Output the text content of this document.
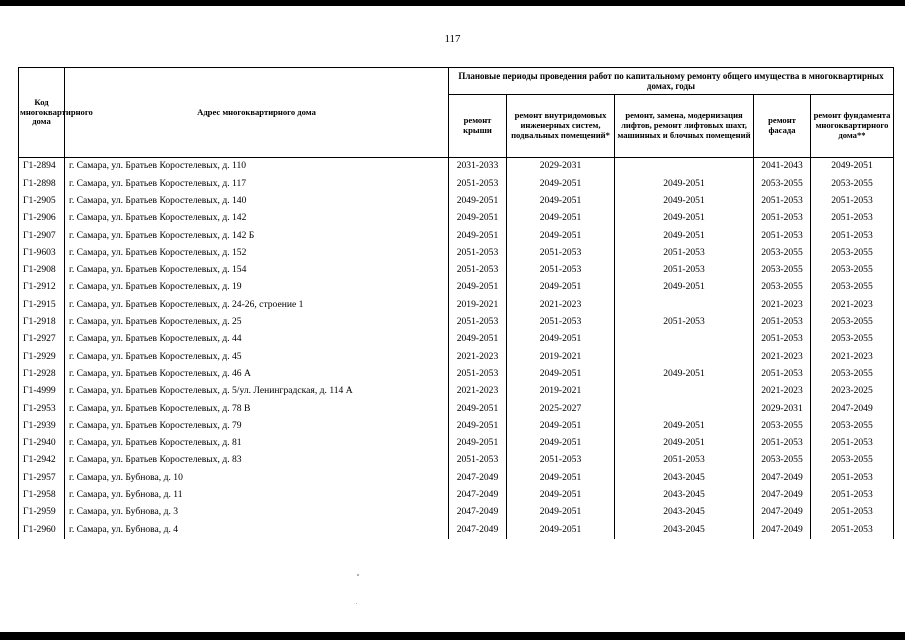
117
Код многоквартирного дома	Адрес многоквартирного дома	Плановые периоды проведения работ по капитальному ремонту общего имущества в многоквартирных домах, годы				
		ремонт крыши	ремонт внутридомовых инженерных систем, подвальных помещений*	ремонт, замена, модернизация лифтов, ремонт лифтовых шахт, машинных и блочных помещений	ремонт фасада	ремонт фундамента многоквартирного дома**
Г1-2894	г. Самара, ул. Братьев Коростелевых, д. 110	2031-2033	2029-2031		2041-2043	2049-2051
Г1-2898	г. Самара, ул. Братьев Коростелевых, д. 117	2051-2053	2049-2051	2049-2051	2053-2055	2053-2055
Г1-2905	г. Самара, ул. Братьев Коростелевых, д. 140	2049-2051	2049-2051	2049-2051	2051-2053	2051-2053
Г1-2906	г. Самара, ул. Братьев Коростелевых, д. 142	2049-2051	2049-2051	2049-2051	2051-2053	2051-2053
Г1-2907	г. Самара, ул. Братьев Коростелевых, д. 142 Б	2049-2051	2049-2051	2049-2051	2051-2053	2051-2053
Г1-9603	г. Самара, ул. Братьев Коростелевых, д. 152	2051-2053	2051-2053	2051-2053	2053-2055	2053-2055
Г1-2908	г. Самара, ул. Братьев Коростелевых, д. 154	2051-2053	2051-2053	2051-2053	2053-2055	2053-2055
Г1-2912	г. Самара, ул. Братьев Коростелевых, д. 19	2049-2051	2049-2051	2049-2051	2053-2055	2053-2055
Г1-2915	г. Самара, ул. Братьев Коростелевых, д. 24-26, строение 1	2019-2021	2021-2023		2021-2023	2021-2023
Г1-2918	г. Самара, ул. Братьев Коростелевых, д. 25	2051-2053	2051-2053	2051-2053	2051-2053	2053-2055
Г1-2927	г. Самара, ул. Братьев Коростелевых, д. 44	2049-2051	2049-2051		2051-2053	2053-2055
Г1-2929	г. Самара, ул. Братьев Коростелевых, д. 45	2021-2023	2019-2021		2021-2023	2021-2023
Г1-2928	г. Самара, ул. Братьев Коростелевых, д. 46 А	2051-2053	2049-2051	2049-2051	2051-2053	2053-2055
Г1-4999	г. Самара, ул. Братьев Коростелевых, д. 5/ул. Ленинградская, д. 114 А	2021-2023	2019-2021		2021-2023	2023-2025
Г1-2953	г. Самара, ул. Братьев Коростелевых, д. 78 В	2049-2051	2025-2027		2029-2031	2047-2049
Г1-2939	г. Самара, ул. Братьев Коростелевых, д. 79	2049-2051	2049-2051	2049-2051	2053-2055	2053-2055
Г1-2940	г. Самара, ул. Братьев Коростелевых, д. 81	2049-2051	2049-2051	2049-2051	2051-2053	2051-2053
Г1-2942	г. Самара, ул. Братьев Коростелевых, д. 83	2051-2053	2051-2053	2051-2053	2053-2055	2053-2055
Г1-2957	г. Самара, ул. Бубнова, д. 10	2047-2049	2049-2051	2043-2045	2047-2049	2051-2053
Г1-2958	г. Самара, ул. Бубнова, д. 11	2047-2049	2049-2051	2043-2045	2047-2049	2051-2053
Г1-2959	г. Самара, ул. Бубнова, д. 3	2047-2049	2049-2051	2043-2045	2047-2049	2051-2053
Г1-2960	г. Самара, ул. Бубнова, д. 4	2047-2049	2049-2051	2043-2045	2047-2049	2051-2053
